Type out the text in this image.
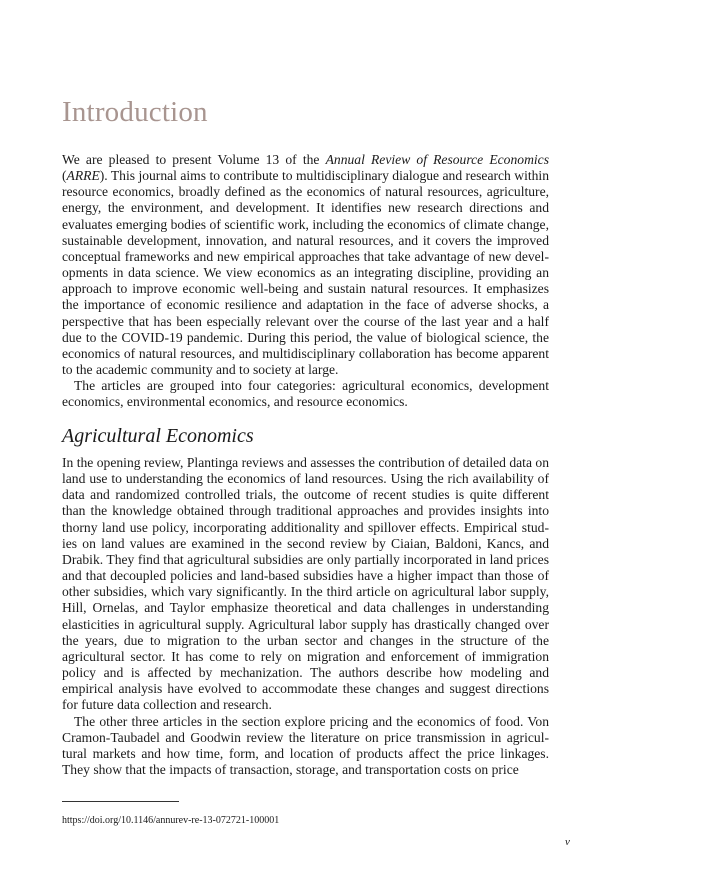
Introduction

We are pleased to present Volume 13 of the Annual Review of Resource Economics (ARRE). This journal aims to contribute to multidisciplinary dialogue and research within resource economics, broadly defined as the economics of natural resources, agriculture, energy, the environment, and development. It identifies new research directions and evaluates emerging bodies of scientific work, including the economics of climate change, sustainable development, innovation, and natural resources, and it covers the improved conceptual frameworks and new empirical approaches that take advantage of new developments in data science. We view economics as an integrating discipline, providing an approach to improve economic well-being and sustain natural resources. It emphasizes the importance of economic resilience and adaptation in the face of adverse shocks, a perspective that has been especially relevant over the course of the last year and a half due to the COVID-19 pandemic. During this period, the value of biological science, the economics of natural resources, and multidisciplinary collaboration has become apparent to the academic community and to society at large.

The articles are grouped into four categories: agricultural economics, development economics, environmental economics, and resource economics.

Agricultural Economics

In the opening review, Plantinga reviews and assesses the contribution of detailed data on land use to understanding the economics of land resources. Using the rich availability of data and randomized controlled trials, the outcome of recent studies is quite different than the knowledge obtained through traditional approaches and provides insights into thorny land use policy, incorporating additionality and spillover effects. Empirical studies on land values are examined in the second review by Ciaian, Baldoni, Kancs, and Drabik. They find that agricultural subsidies are only partially incorporated in land prices and that decoupled policies and land-based subsidies have a higher impact than those of other subsidies, which vary significantly. In the third article on agricultural labor supply, Hill, Ornelas, and Taylor emphasize theoretical and data challenges in understanding elasticities in agricultural supply. Agricultural labor supply has drastically changed over the years, due to migration to the urban sector and changes in the structure of the agricultural sector. It has come to rely on migration and enforcement of immigration policy and is affected by mechanization. The authors describe how modeling and empirical analysis have evolved to accommodate these changes and suggest directions for future data collection and research.

The other three articles in the section explore pricing and the economics of food. Von Cramon-Taubadel and Goodwin review the literature on price transmission in agricultural markets and how time, form, and location of products affect the price linkages. They show that the impacts of transaction, storage, and transportation costs on price

https://doi.org/10.1146/annurev-re-13-072721-100001
v
